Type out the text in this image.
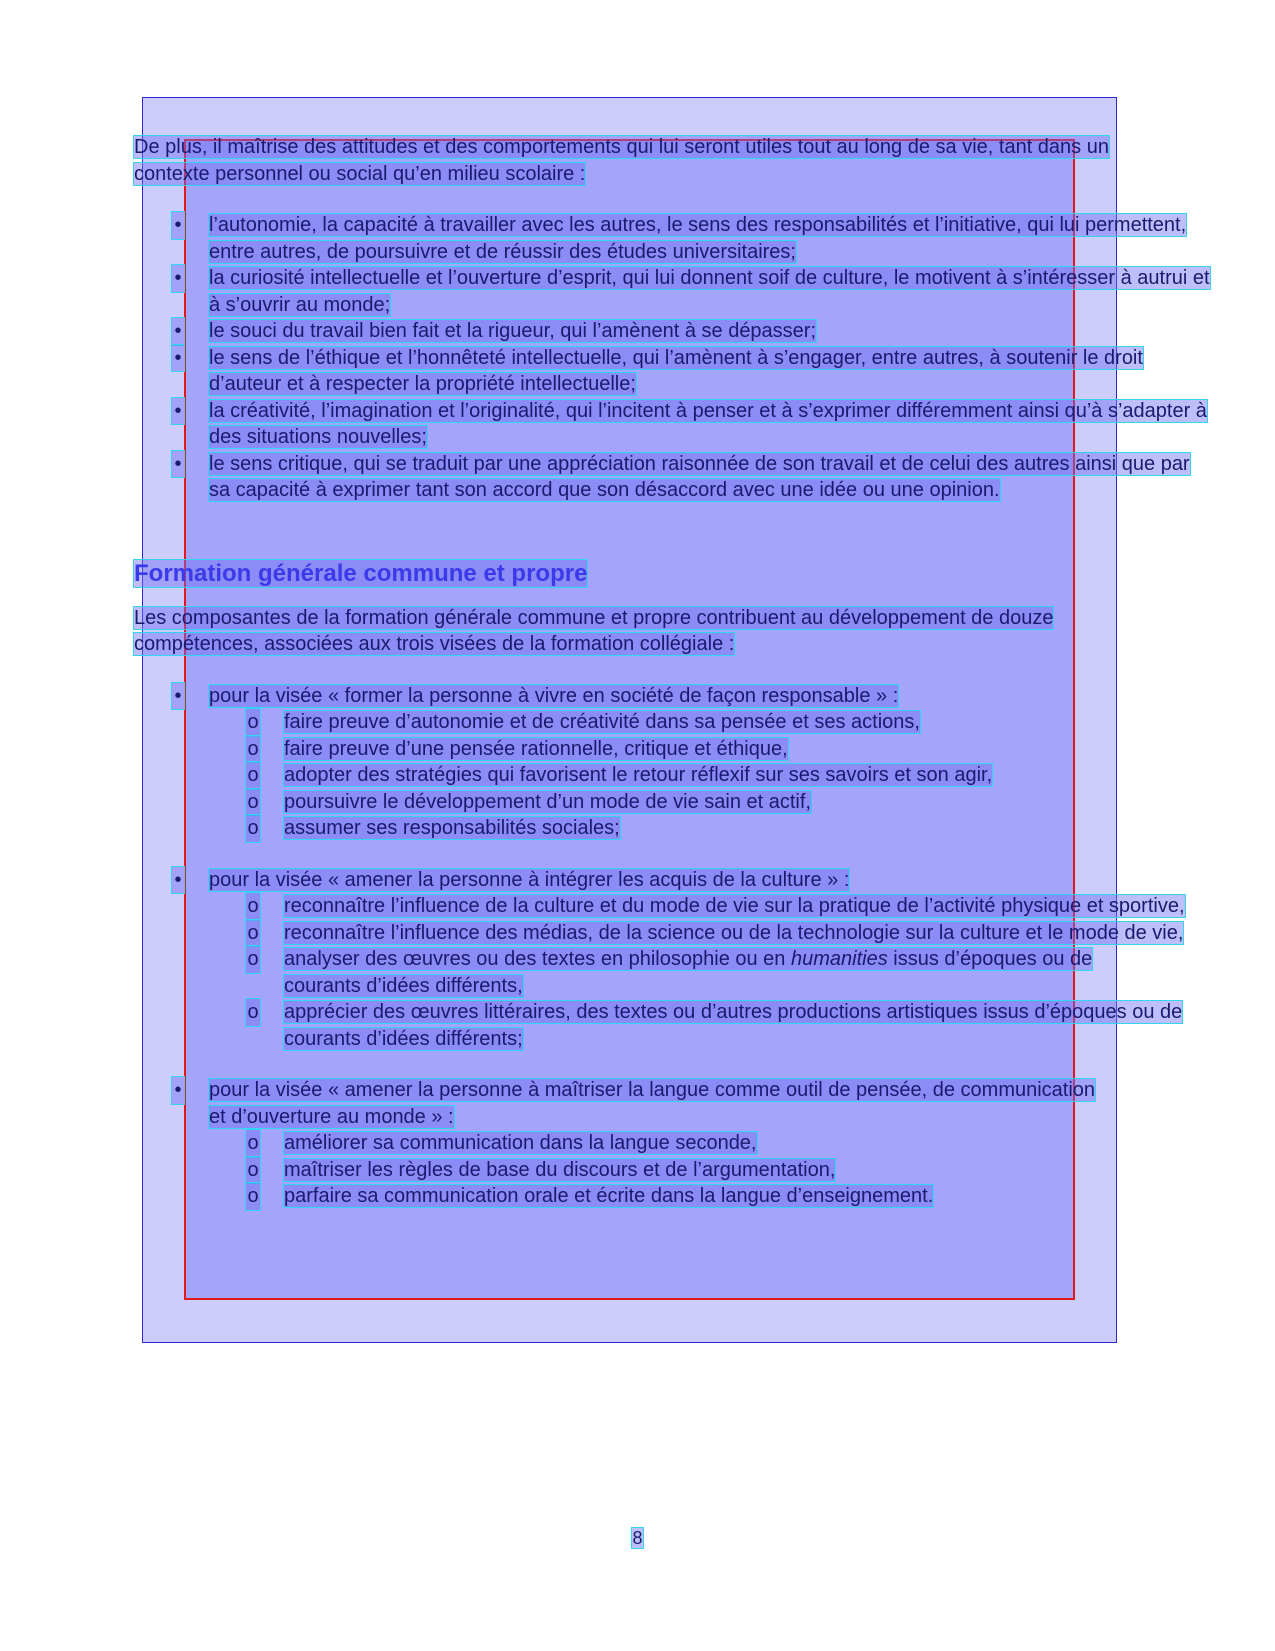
De plus, il maîtrise des attitudes et des comportements qui lui seront utiles tout au long de sa vie, tant dans un contexte personnel ou social qu’en milieu scolaire :

• l’autonomie, la capacité à travailler avec les autres, le sens des responsabilités et l’initiative, qui lui permettent, entre autres, de poursuivre et de réussir des études universitaires;
• la curiosité intellectuelle et l’ouverture d’esprit, qui lui donnent soif de culture, le motivent à s’intéresser à autrui et à s’ouvrir au monde;
• le souci du travail bien fait et la rigueur, qui l’amènent à se dépasser;
• le sens de l’éthique et l’honnêteté intellectuelle, qui l’amènent à s’engager, entre autres, à soutenir le droit d’auteur et à respecter la propriété intellectuelle;
• la créativité, l’imagination et l’originalité, qui l’incitent à penser et à s’exprimer différemment ainsi qu’à s’adapter à des situations nouvelles;
• le sens critique, qui se traduit par une appréciation raisonnée de son travail et de celui des autres ainsi que par sa capacité à exprimer tant son accord que son désaccord avec une idée ou une opinion.
Formation générale commune et propre

Les composantes de la formation générale commune et propre contribuent au développement de douze compétences, associées aux trois visées de la formation collégiale :

• pour la visée « former la personne à vivre en société de façon responsable » :
o faire preuve d’autonomie et de créativité dans sa pensée et ses actions,
o faire preuve d’une pensée rationnelle, critique et éthique,
o adopter des stratégies qui favorisent le retour réflexif sur ses savoirs et son agir,
o poursuivre le développement d’un mode de vie sain et actif,
o assumer ses responsabilités sociales;
• pour la visée « amener la personne à intégrer les acquis de la culture » :
o reconnaître l’influence de la culture et du mode de vie sur la pratique de l’activité physique et sportive,
o reconnaître l’influence des médias, de la science ou de la technologie sur la culture et le mode de vie,
o analyser des œuvres ou des textes en philosophie ou en humanities issus d’époques ou de courants d’idées différents,
o apprécier des œuvres littéraires, des textes ou d’autres productions artistiques issus d’époques ou de courants d’idées différents;
• pour la visée « amener la personne à maîtriser la langue comme outil de pensée, de communication et d’ouverture au monde » :
o améliorer sa communication dans la langue seconde,
o maîtriser les règles de base du discours et de l’argumentation,
o parfaire sa communication orale et écrite dans la langue d’enseignement.
8
